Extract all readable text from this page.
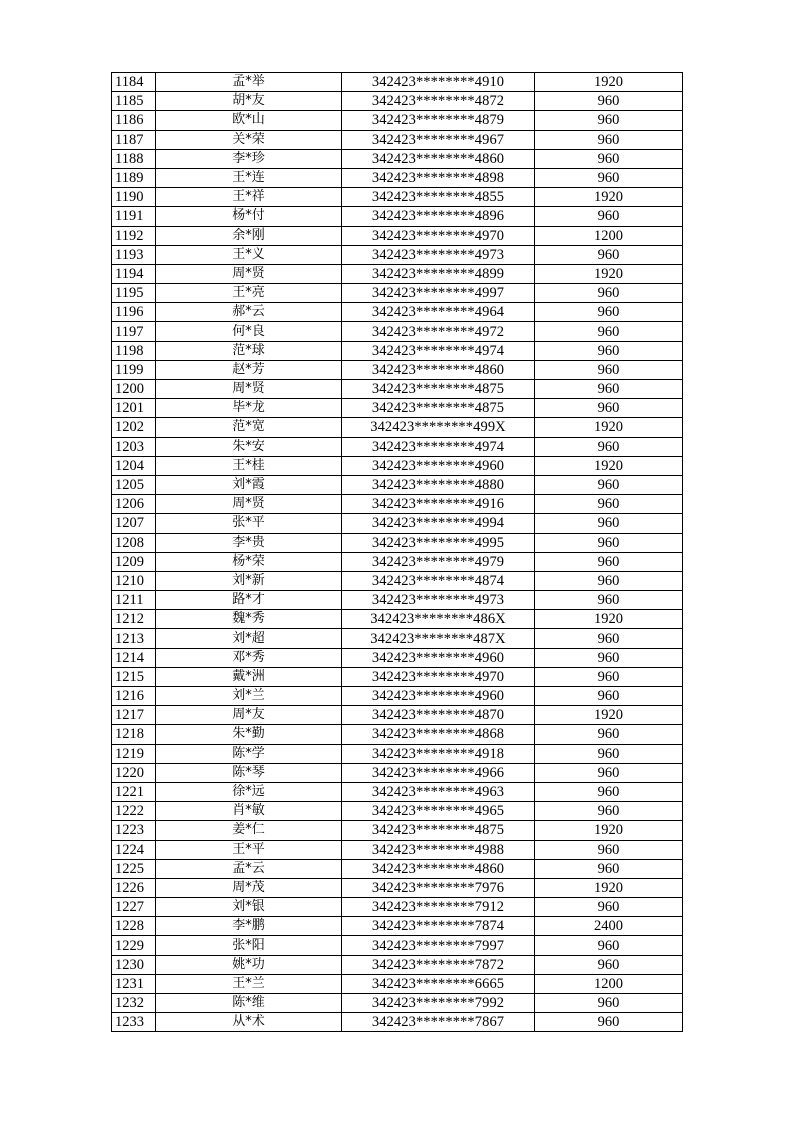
1184	孟*举	342423********4910	1920
1185	胡*友	342423********4872	960
1186	欧*山	342423********4879	960
1187	关*荣	342423********4967	960
1188	李*珍	342423********4860	960
1189	王*连	342423********4898	960
1190	王*祥	342423********4855	1920
1191	杨*付	342423********4896	960
1192	余*刚	342423********4970	1200
1193	王*义	342423********4973	960
1194	周*贤	342423********4899	1920
1195	王*亮	342423********4997	960
1196	郝*云	342423********4964	960
1197	何*良	342423********4972	960
1198	范*球	342423********4974	960
1199	赵*芳	342423********4860	960
1200	周*贤	342423********4875	960
1201	毕*龙	342423********4875	960
1202	范*宽	342423********499X	1920
1203	朱*安	342423********4974	960
1204	王*桂	342423********4960	1920
1205	刘*霞	342423********4880	960
1206	周*贤	342423********4916	960
1207	张*平	342423********4994	960
1208	李*贵	342423********4995	960
1209	杨*荣	342423********4979	960
1210	刘*新	342423********4874	960
1211	路*才	342423********4973	960
1212	魏*秀	342423********486X	1920
1213	刘*超	342423********487X	960
1214	邓*秀	342423********4960	960
1215	戴*洲	342423********4970	960
1216	刘*兰	342423********4960	960
1217	周*友	342423********4870	1920
1218	朱*勤	342423********4868	960
1219	陈*学	342423********4918	960
1220	陈*琴	342423********4966	960
1221	徐*远	342423********4963	960
1222	肖*敏	342423********4965	960
1223	姜*仁	342423********4875	1920
1224	王*平	342423********4988	960
1225	孟*云	342423********4860	960
1226	周*茂	342423********7976	1920
1227	刘*银	342423********7912	960
1228	李*鹏	342423********7874	2400
1229	张*阳	342423********7997	960
1230	姚*功	342423********7872	960
1231	王*兰	342423********6665	1200
1232	陈*维	342423********7992	960
1233	从*术	342423********7867	960
